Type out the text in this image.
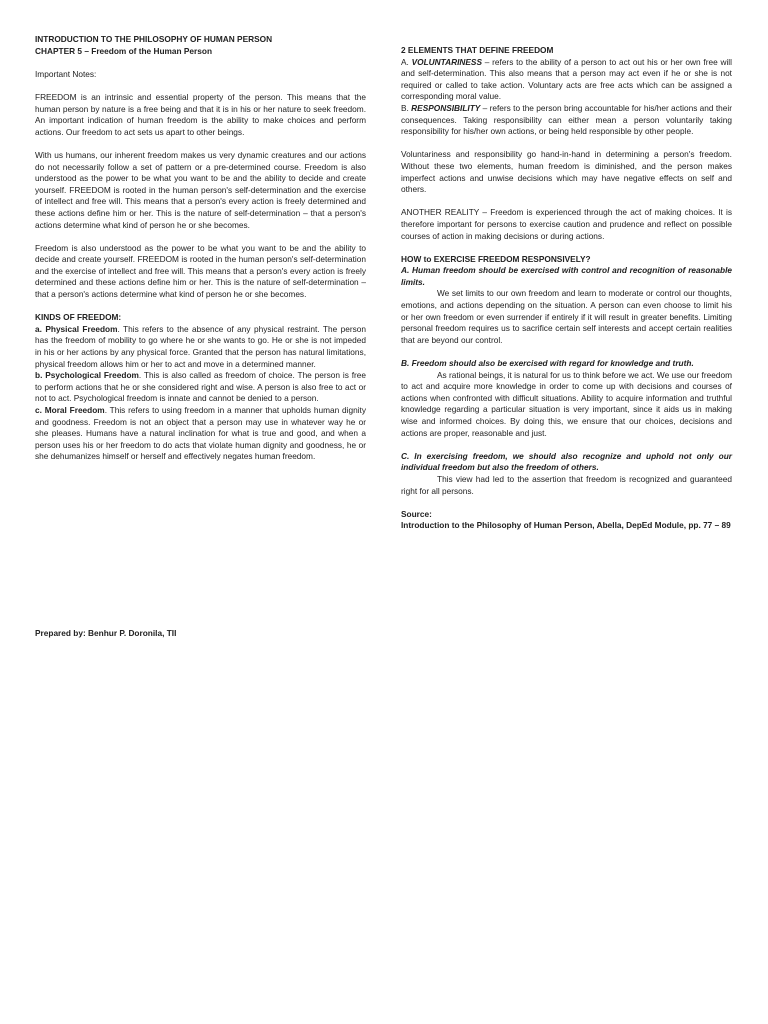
INTRODUCTION TO THE PHILOSOPHY OF HUMAN PERSON
CHAPTER 5 – Freedom of the Human Person

Important Notes:

FREEDOM is an intrinsic and essential property of the person. This means that the human person by nature is a free being and that it is in his or her nature to seek freedom. An important indication of human freedom is the ability to make choices and perform actions. Our freedom to act sets us apart to other beings.

With us humans, our inherent freedom makes us very dynamic creatures and our actions do not necessarily follow a set of pattern or a pre-determined course. Freedom is also understood as the power to be what you want to be and the ability to decide and create yourself. FREEDOM is rooted in the human person's self-determination and the exercise of intellect and free will. This means that a person's every action is freely determined and these actions define him or her. This is the nature of self-determination – that a person's actions determine what kind of person he or she becomes.

Freedom is also understood as the power to be what you want to be and the ability to decide and create yourself. FREEDOM is rooted in the human person's self-determination and the exercise of intellect and free will. This means that a person's every action is freely determined and these actions define him or her. This is the nature of self-determination – that a person's actions determine what kind of person he or she becomes.

KINDS OF FREEDOM:

a. Physical Freedom. This refers to the absence of any physical restraint. The person has the freedom of mobility to go where he or she wants to go. He or she is not impeded in his or her actions by any physical force. Granted that the person has natural limitations, physical freedom allows him or her to act and move in a determined manner.

b. Psychological Freedom. This is also called as freedom of choice. The person is free to perform actions that he or she considered right and wise. A person is also free to act or not to act. Psychological freedom is innate and cannot be denied to a person.

c. Moral Freedom. This refers to using freedom in a manner that upholds human dignity and goodness. Freedom is not an object that a person may use in whatever way he or she pleases. Humans have a natural inclination for what is true and good, and when a person uses his or her freedom to do acts that violate human dignity and goodness, he or she dehumanizes himself or herself and effectively negates human freedom.

2 ELEMENTS THAT DEFINE FREEDOM

A. VOLUNTARINESS – refers to the ability of a person to act out his or her own free will and self-determination. This also means that a person may act even if he or she is not required or called to take action. Voluntary acts are free acts which can be assigned a corresponding moral value.

B. RESPONSIBILITY – refers to the person bring accountable for his/her actions and their consequences. Taking responsibility can either mean a person voluntarily taking responsibility for his/her own actions, or being held responsible by other people.

Voluntariness and responsibility go hand-in-hand in determining a person's freedom. Without these two elements, human freedom is diminished, and the person makes imperfect actions and unwise decisions which may have negative effects on self and others.

ANOTHER REALITY – Freedom is experienced through the act of making choices. It is therefore important for persons to exercise caution and prudence and reflect on possible courses of action in making decisions or during actions.

HOW to EXERCISE FREEDOM RESPONSIVELY?
A. Human freedom should be exercised with control and recognition of reasonable limits.

We set limits to our own freedom and learn to moderate or control our thoughts, emotions, and actions depending on the situation. A person can even choose to limit his or her own freedom or even surrender if entirely if it will result in greater benefits. Limiting personal freedom requires us to sacrifice certain self interests and accept certain realities that are beyond our control.

B. Freedom should also be exercised with regard for knowledge and truth.

As rational beings, it is natural for us to think before we act. We use our freedom to act and acquire more knowledge in order to come up with decisions and courses of actions when confronted with difficult situations. Ability to acquire information and truthful knowledge regarding a particular situation is very important, since it aids us in making wise and informed choices. By doing this, we ensure that our choices, decisions and actions are proper, reasonable and just.

C. In exercising freedom, we should also recognize and uphold not only our individual freedom but also the freedom of others.

This view had led to the assertion that freedom is recognized and guaranteed right for all persons.

Source:
Introduction to the Philosophy of Human Person, Abella, DepEd Module, pp. 77 – 89
Prepared by: Benhur P. Doronila, TII
